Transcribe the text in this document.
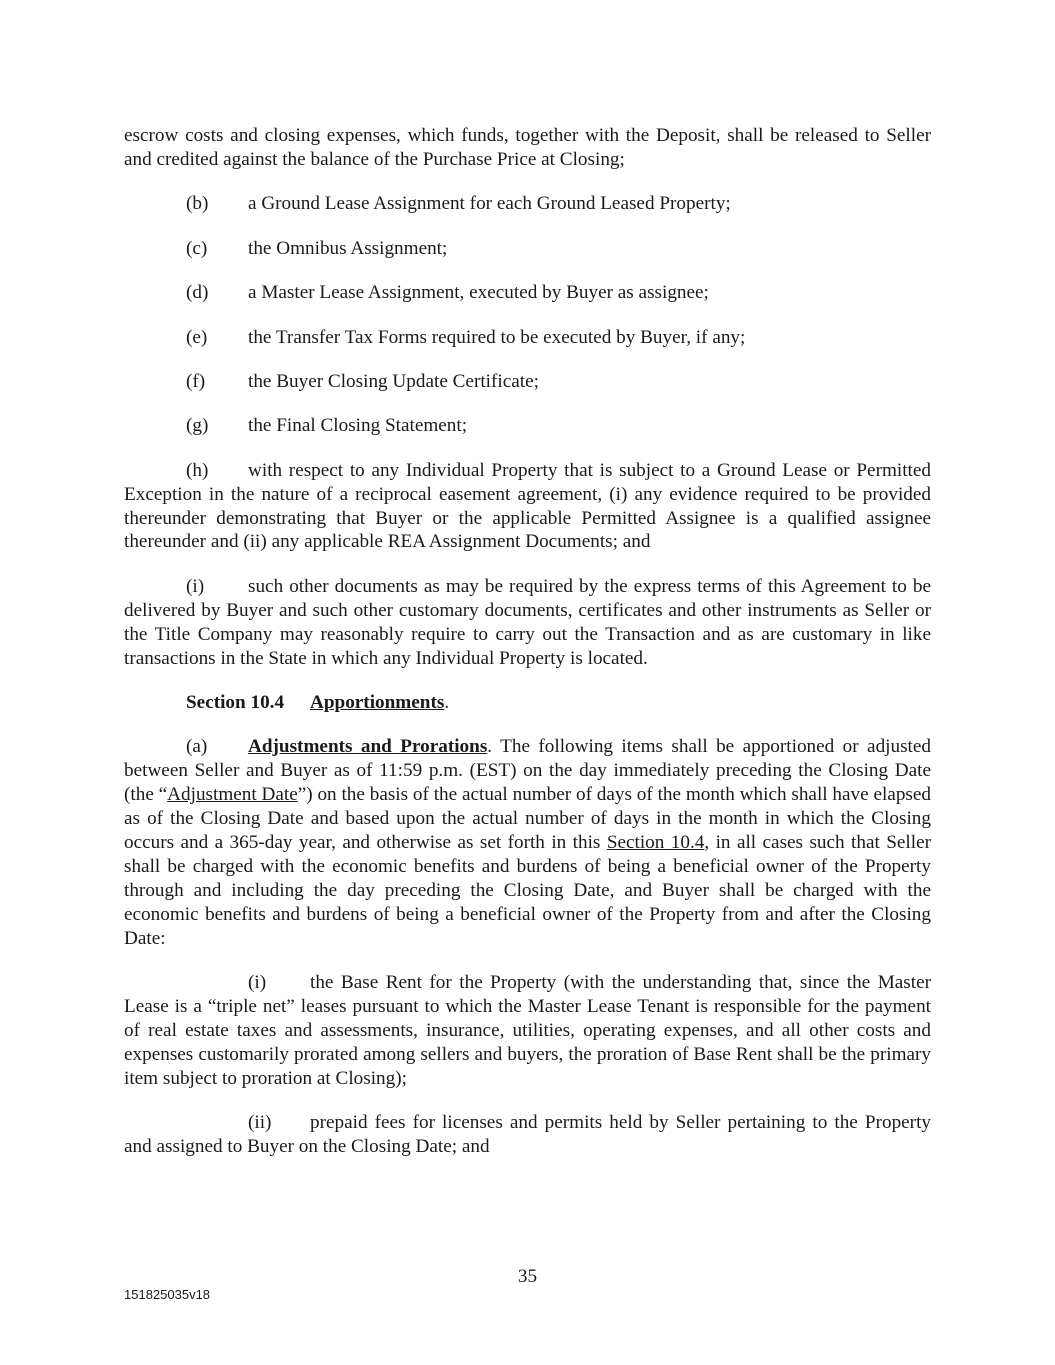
escrow costs and closing expenses, which funds, together with the Deposit, shall be released to Seller and credited against the balance of the Purchase Price at Closing;

(b) a Ground Lease Assignment for each Ground Leased Property;

(c) the Omnibus Assignment;

(d) a Master Lease Assignment, executed by Buyer as assignee;

(e) the Transfer Tax Forms required to be executed by Buyer, if any;

(f) the Buyer Closing Update Certificate;

(g) the Final Closing Statement;

(h) with respect to any Individual Property that is subject to a Ground Lease or Permitted Exception in the nature of a reciprocal easement agreement, (i) any evidence required to be provided thereunder demonstrating that Buyer or the applicable Permitted Assignee is a qualified assignee thereunder and (ii) any applicable REA Assignment Documents; and

(i) such other documents as may be required by the express terms of this Agreement to be delivered by Buyer and such other customary documents, certificates and other instruments as Seller or the Title Company may reasonably require to carry out the Transaction and as are customary in like transactions in the State in which any Individual Property is located.

Section 10.4 Apportionments.

(a) Adjustments and Prorations. The following items shall be apportioned or adjusted between Seller and Buyer as of 11:59 p.m. (EST) on the day immediately preceding the Closing Date (the “Adjustment Date”) on the basis of the actual number of days of the month which shall have elapsed as of the Closing Date and based upon the actual number of days in the month in which the Closing occurs and a 365-day year, and otherwise as set forth in this Section 10.4, in all cases such that Seller shall be charged with the economic benefits and burdens of being a beneficial owner of the Property through and including the day preceding the Closing Date, and Buyer shall be charged with the economic benefits and burdens of being a beneficial owner of the Property from and after the Closing Date:

(i) the Base Rent for the Property (with the understanding that, since the Master Lease is a “triple net” leases pursuant to which the Master Lease Tenant is responsible for the payment of real estate taxes and assessments, insurance, utilities, operating expenses, and all other costs and expenses customarily prorated among sellers and buyers, the proration of Base Rent shall be the primary item subject to proration at Closing);

(ii) prepaid fees for licenses and permits held by Seller pertaining to the Property and assigned to Buyer on the Closing Date; and

35
151825035v18
